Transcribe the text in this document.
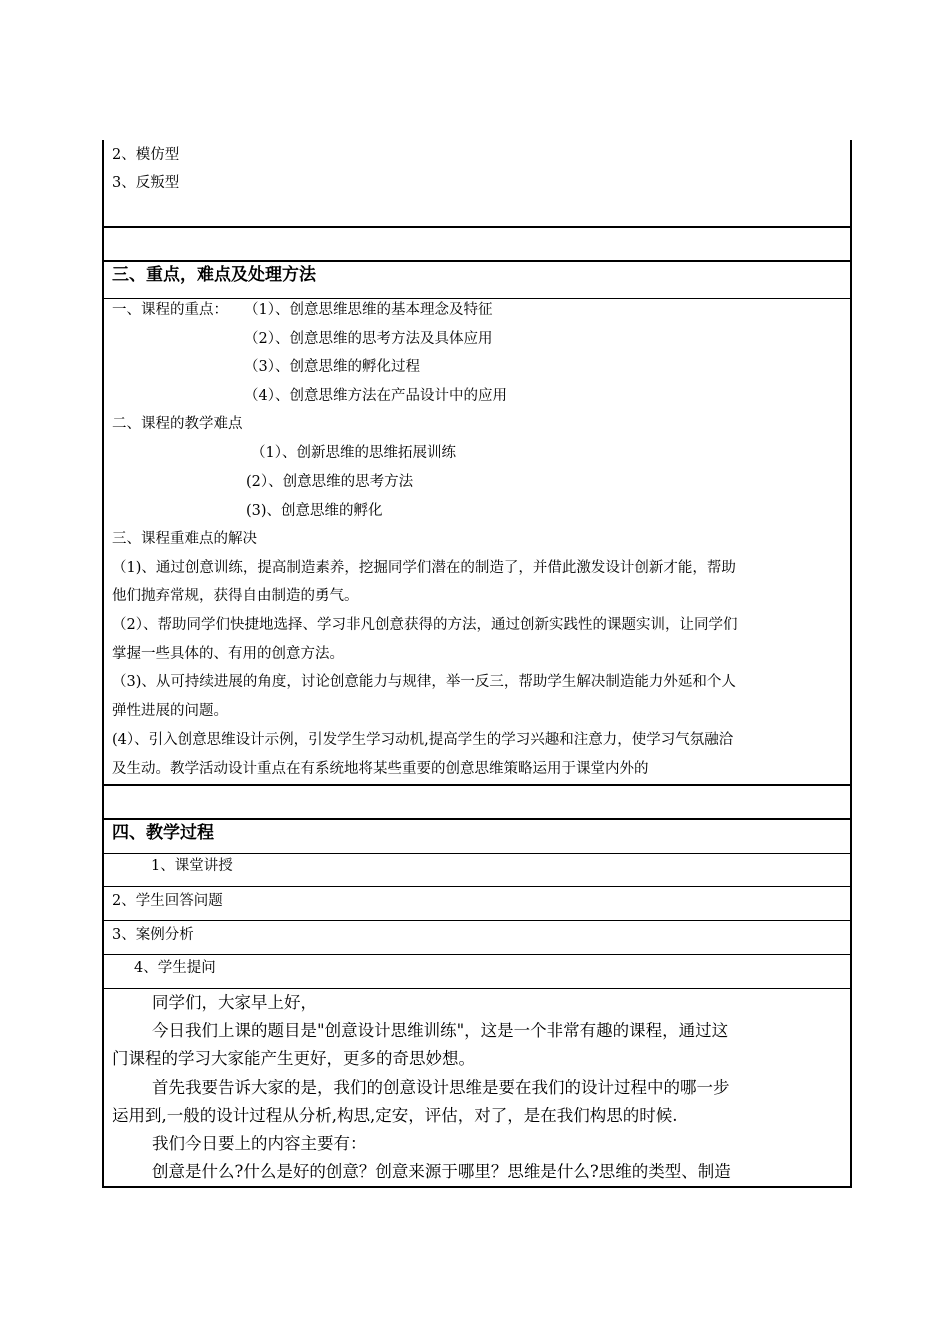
2、模仿型
3、反叛型
三、重点，难点及处理方法
一、课程的重点： （1）、创意思维思维的基本理念及特征
（2）、创意思维的思考方法及具体应用
（3）、创意思维的孵化过程
（4）、创意思维方法在产品设计中的应用
二、课程的教学难点
（1）、创新思维的思维拓展训练
(2）、创意思维的思考方法
(3)、创意思维的孵化
三、课程重难点的解决
（1)、通过创意训练，提高制造素养，挖掘同学们潜在的制造了，并借此激发设计创新才能，帮助
他们抛弃常规，获得自由制造的勇气。
（2）、帮助同学们快捷地选择、学习非凡创意获得的方法，通过创新实践性的课题实训，让同学们
掌握一些具体的、有用的创意方法。
（3)、从可持续进展的角度，讨论创意能力与规律，举一反三，帮助学生解决制造能力外延和个人
弹性进展的问题。
(4）、引入创意思维设计示例，引发学生学习动机,提高学生的学习兴趣和注意力，使学习气氛融洽
及生动。教学活动设计重点在有系统地将某些重要的创意思维策略运用于课堂内外的
四、教学过程
1、课堂讲授
2、学生回答问题
3、案例分析
4、学生提问
同学们，大家早上好，
今日我们上课的题目是"创意设计思维训练"，这是一个非常有趣的课程，通过这
门课程的学习大家能产生更好，更多的奇思妙想。
首先我要告诉大家的是，我们的创意设计思维是要在我们的设计过程中的哪一步
运用到,一般的设计过程从分析,构思,定安，评估，对了，是在我们构思的时候.
我们今日要上的内容主要有：
创意是什么?什么是好的创意？创意来源于哪里？思维是什么?思维的类型、制造
